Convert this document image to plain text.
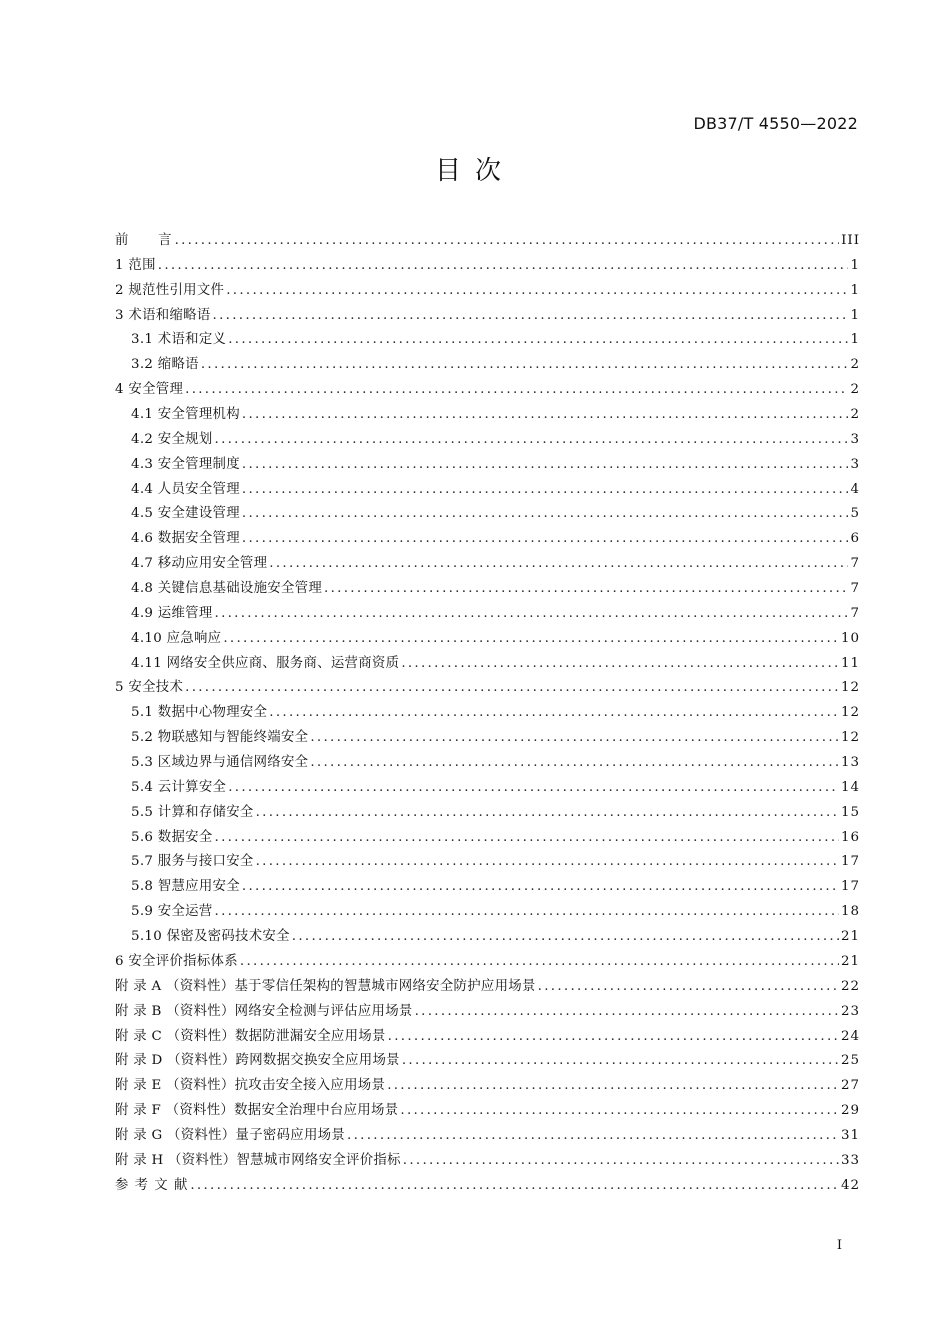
DB37/T 4550—2022
目次
前　　言 .....	III
1 范围 .....	1
2 规范性引用文件 .....	1
3 术语和缩略语 .....	1
3.1 术语和定义 .....	1
3.2 缩略语 .....	2
4 安全管理 .....	2
4.1 安全管理机构 .....	2
4.2 安全规划 .....	3
4.3 安全管理制度 .....	3
4.4 人员安全管理 .....	4
4.5 安全建设管理 .....	5
4.6 数据安全管理 .....	6
4.7 移动应用安全管理 .....	7
4.8 关键信息基础设施安全管理 .....	7
4.9 运维管理 .....	7
4.10 应急响应 .....	10
4.11 网络安全供应商、服务商、运营商资质 .....	11
5 安全技术 .....	12
5.1 数据中心物理安全 .....	12
5.2 物联感知与智能终端安全 .....	12
5.3 区域边界与通信网络安全 .....	13
5.4 云计算安全 .....	14
5.5 计算和存储安全 .....	15
5.6 数据安全 .....	16
5.7 服务与接口安全 .....	17
5.8 智慧应用安全 .....	17
5.9 安全运营 .....	18
5.10 保密及密码技术安全 .....	21
6 安全评价指标体系 .....	21
附 录 A （资料性）基于零信任架构的智慧城市网络安全防护应用场景 .....	22
附 录 B （资料性）网络安全检测与评估应用场景 .....	23
附 录 C （资料性）数据防泄漏安全应用场景 .....	24
附 录 D （资料性）跨网数据交换安全应用场景 .....	25
附 录 E （资料性）抗攻击安全接入应用场景 .....	27
附 录 F （资料性）数据安全治理中台应用场景 .....	29
附 录 G （资料性）量子密码应用场景 .....	31
附 录 H （资料性）智慧城市网络安全评价指标 .....	33
参 考 文 献 .....	42
I
